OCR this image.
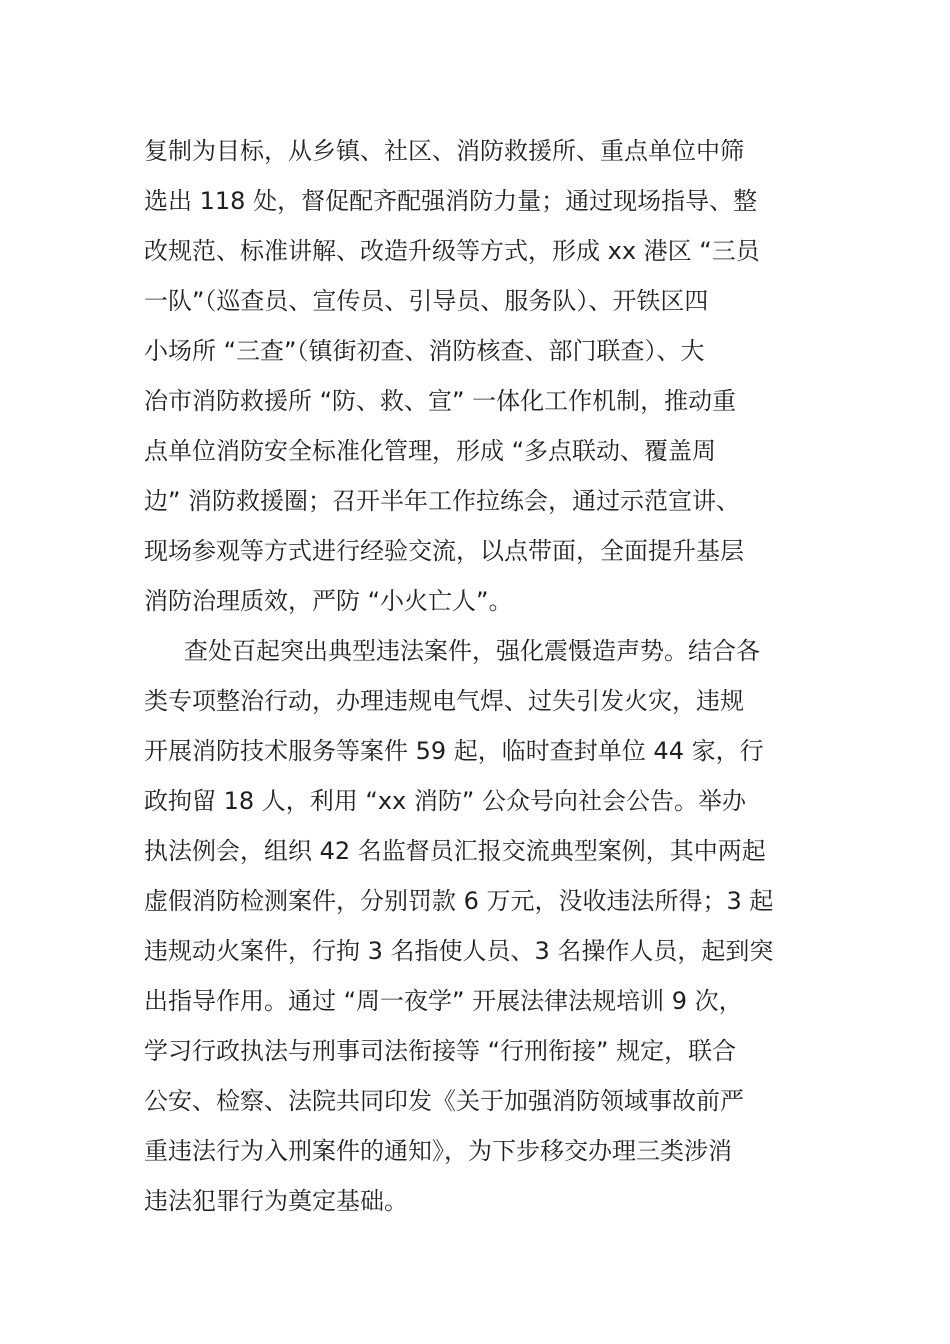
复制为目标，从乡镇、社区、消防救援所、重点单位中筛
选出 118 处，督促配齐配强消防力量；通过现场指导、整
改规范、标准讲解、改造升级等方式，形成 xx 港区 “三员
一队”（巡查员、宣传员、引导员、服务队）、开铁区四
小场所 “三查”（镇街初查、消防核查、部门联查）、大
冶市消防救援所 “防、救、宣” 一体化工作机制，推动重
点单位消防安全标准化管理，形成 “多点联动、覆盖周
边” 消防救援圈；召开半年工作拉练会，通过示范宣讲、
现场参观等方式进行经验交流，以点带面，全面提升基层
消防治理质效，严防 “小火亡人”。
查处百起突出典型违法案件，强化震慑造声势。结合各
类专项整治行动，办理违规电气焊、过失引发火灾，违规
开展消防技术服务等案件 59 起，临时查封单位 44 家，行
政拘留 18 人，利用 “xx 消防” 公众号向社会公告。举办
执法例会，组织 42 名监督员汇报交流典型案例，其中两起
虚假消防检测案件，分别罚款 6 万元，没收违法所得；3 起
违规动火案件，行拘 3 名指使人员、3 名操作人员，起到突
出指导作用。通过 “周一夜学” 开展法律法规培训 9 次，
学习行政执法与刑事司法衔接等 “行刑衔接” 规定，联合
公安、检察、法院共同印发《关于加强消防领域事故前严
重违法行为入刑案件的通知》，为下步移交办理三类涉消
违法犯罪行为奠定基础。
